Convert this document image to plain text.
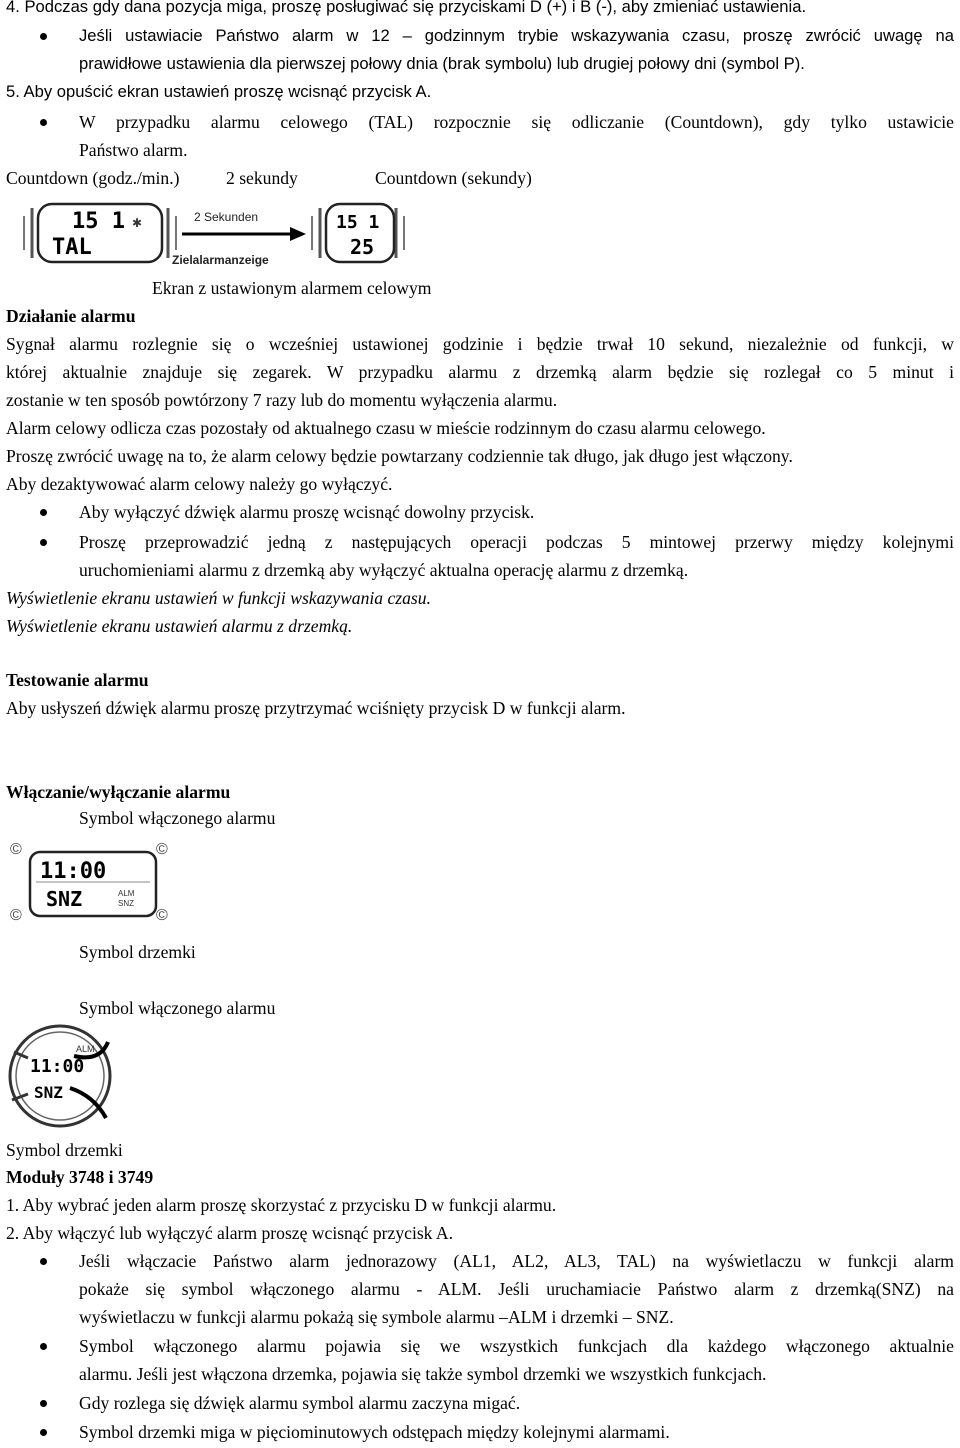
4. Podczas gdy dana pozycja miga, proszę posługiwać się przyciskami D (+) i B (-), aby zmieniać ustawienia.
Jeśli ustawiacie Państwo alarm w 12 – godzinnym trybie wskazywania czasu, proszę zwrócić uwagę na
prawidłowe ustawienia dla pierwszej połowy dnia (brak symbolu) lub drugiej połowy dni (symbol P).
5. Aby opuścić ekran ustawień proszę wcisnąć przycisk A.
W przypadku alarmu celowego (TAL) rozpocznie się odliczanie (Countdown), gdy tylko ustawicie
Państwo alarm.
Countdown (godz./min.)	2 sekundy	Countdown (sekundy)
15 1
TAL
✱	2 Sekunden
Zielalarmanzeige
15 1
25
Ekran z ustawionym alarmem celowym
Działanie alarmu
Sygnał alarmu rozlegnie się o wcześniej ustawionej godzinie i będzie trwał 10 sekund, niezależnie od funkcji, w
której aktualnie znajduje się zegarek. W przypadku alarmu z drzemką alarm będzie się rozlegał co 5 minut i
zostanie w ten sposób powtórzony 7 razy lub do momentu wyłączenia alarmu.
Alarm celowy odlicza czas pozostały od aktualnego czasu w mieście rodzinnym do czasu alarmu celowego.
Proszę zwrócić uwagę na to, że alarm celowy będzie powtarzany codziennie tak długo, jak długo jest włączony.
Aby dezaktywować alarm celowy należy go wyłączyć.
Aby wyłączyć dźwięk alarmu proszę wcisnąć dowolny przycisk.
Proszę przeprowadzić jedną z następujących operacji podczas 5 mintowej przerwy między kolejnymi
uruchomieniami alarmu z drzemką aby wyłączyć aktualna operację alarmu z drzemką.
Wyświetlenie ekranu ustawień w funkcji wskazywania czasu.
Wyświetlenie ekranu ustawień alarmu z drzemką.
Testowanie alarmu
Aby usłyszeń dźwięk alarmu proszę przytrzymać wciśnięty przycisk D w funkcji alarm.
Włączanie/wyłączanie alarmu
Symbol włączonego alarmu
©
©
©
©
11:00
SNZ	ALM
SNZ
Symbol drzemki
Symbol włączonego alarmu
11:00
SNZ
ALM
Symbol drzemki
Moduły 3748 i 3749
1. Aby wybrać jeden alarm proszę skorzystać z przycisku D w funkcji alarmu.
2. Aby włączyć lub wyłączyć alarm proszę wcisnąć przycisk A.
Jeśli włączacie Państwo alarm jednorazowy (AL1, AL2, AL3, TAL) na wyświetlaczu w funkcji alarm
pokaże się symbol włączonego alarmu - ALM. Jeśli uruchamiacie Państwo alarm z drzemką(SNZ) na
wyświetlaczu w funkcji alarmu pokażą się symbole alarmu –ALM i drzemki – SNZ.
Symbol włączonego alarmu pojawia się we wszystkich funkcjach dla każdego włączonego aktualnie
alarmu. Jeśli jest włączona drzemka, pojawia się także symbol drzemki we wszystkich funkcjach.
Gdy rozlega się dźwięk alarmu symbol alarmu zaczyna migać.
Symbol drzemki miga w pięciominutowych odstępach między kolejnymi alarmami.
